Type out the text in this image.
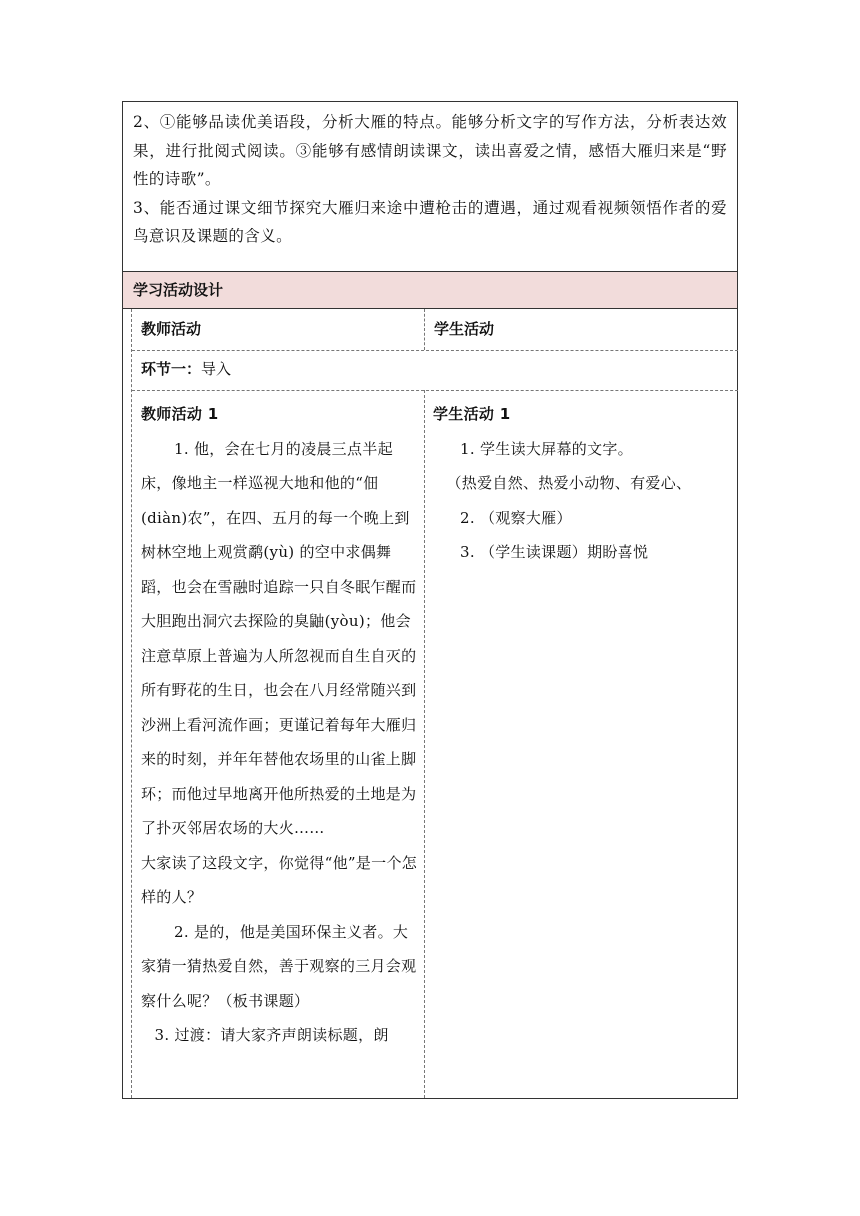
2、①能够品读优美语段，分析大雁的特点。能够分析文字的写作方法，分析表达效果，进行批阅式阅读。③能够有感情朗读课文，读出喜爱之情，感悟大雁归来是“野性的诗歌”。

3、能否通过课文细节探究大雁归来途中遭枪击的遭遇，通过观看视频领悟作者的爱鸟意识及课题的含义。

学习活动设计
教师活动	学生活动
环节一：导入

教师活动 1

1. 他，会在七月的凌晨三点半起床，像地主一样巡视大地和他的“佃(diàn)农”，在四、五月的每一个晚上到树林空地上观赏鹬(yù) 的空中求偶舞蹈，也会在雪融时追踪一只自冬眠乍醒而大胆跑出洞穴去探险的臭鼬(yòu)；他会注意草原上普遍为人所忽视而自生自灭的所有野花的生日，也会在八月经常随兴到沙洲上看河流作画；更谨记着每年大雁归来的时刻，并年年替他农场里的山雀上脚环；而他过早地离开他所热爱的土地是为了扑灭邻居农场的大火……

大家读了这段文字，你觉得“他”是一个怎样的人？

2. 是的，他是美国环保主义者。大家猜一猜热爱自然，善于观察的三月会观察什么呢？（板书课题）

3. 过渡：请大家齐声朗读标题，朗

学生活动 1

1. 学生读大屏幕的文字。

（热爱自然、热爱小动物、有爱心、

2. （观察大雁）

3. （学生读课题）期盼喜悦
